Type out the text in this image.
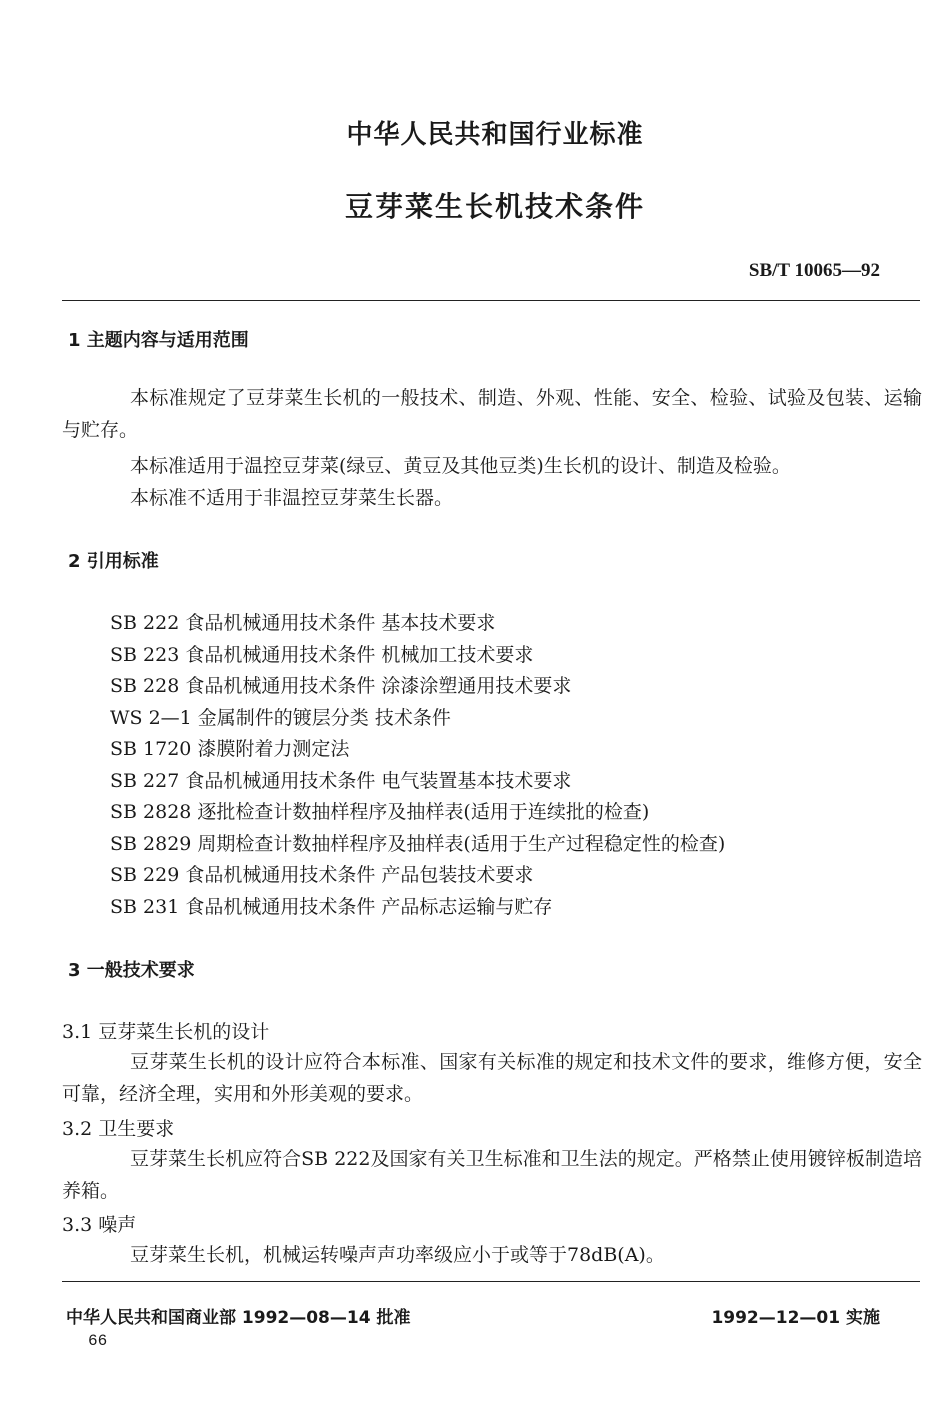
中华人民共和国行业标准
豆芽菜生长机技术条件
SB/T 10065—92
1 主题内容与适用范围
本标准规定了豆芽菜生长机的一般技术、制造、外观、性能、安全、检验、试验及包装、运输与贮存。
本标准适用于温控豆芽菜(绿豆、黄豆及其他豆类)生长机的设计、制造及检验。
本标准不适用于非温控豆芽菜生长器。
2 引用标准
SB 222 食品机械通用技术条件 基本技术要求
SB 223 食品机械通用技术条件 机械加工技术要求
SB 228 食品机械通用技术条件 涂漆涂塑通用技术要求
WS 2—1 金属制件的镀层分类 技术条件
SB 1720 漆膜附着力测定法
SB 227 食品机械通用技术条件 电气装置基本技术要求
SB 2828 逐批检查计数抽样程序及抽样表(适用于连续批的检查)
SB 2829 周期检查计数抽样程序及抽样表(适用于生产过程稳定性的检查)
SB 229 食品机械通用技术条件 产品包装技术要求
SB 231 食品机械通用技术条件 产品标志运输与贮存
3 一般技术要求
3.1 豆芽菜生长机的设计
豆芽菜生长机的设计应符合本标准、国家有关标准的规定和技术文件的要求，维修方便，安全可靠，经济全理，实用和外形美观的要求。
3.2 卫生要求
豆芽菜生长机应符合SB 222及国家有关卫生标准和卫生法的规定。严格禁止使用镀锌板制造培养箱。
3.3 噪声
豆芽菜生长机，机械运转噪声声功率级应小于或等于78dB(A)。
中华人民共和国商业部 1992—08—14 批准	1992—12—01 实施
66
